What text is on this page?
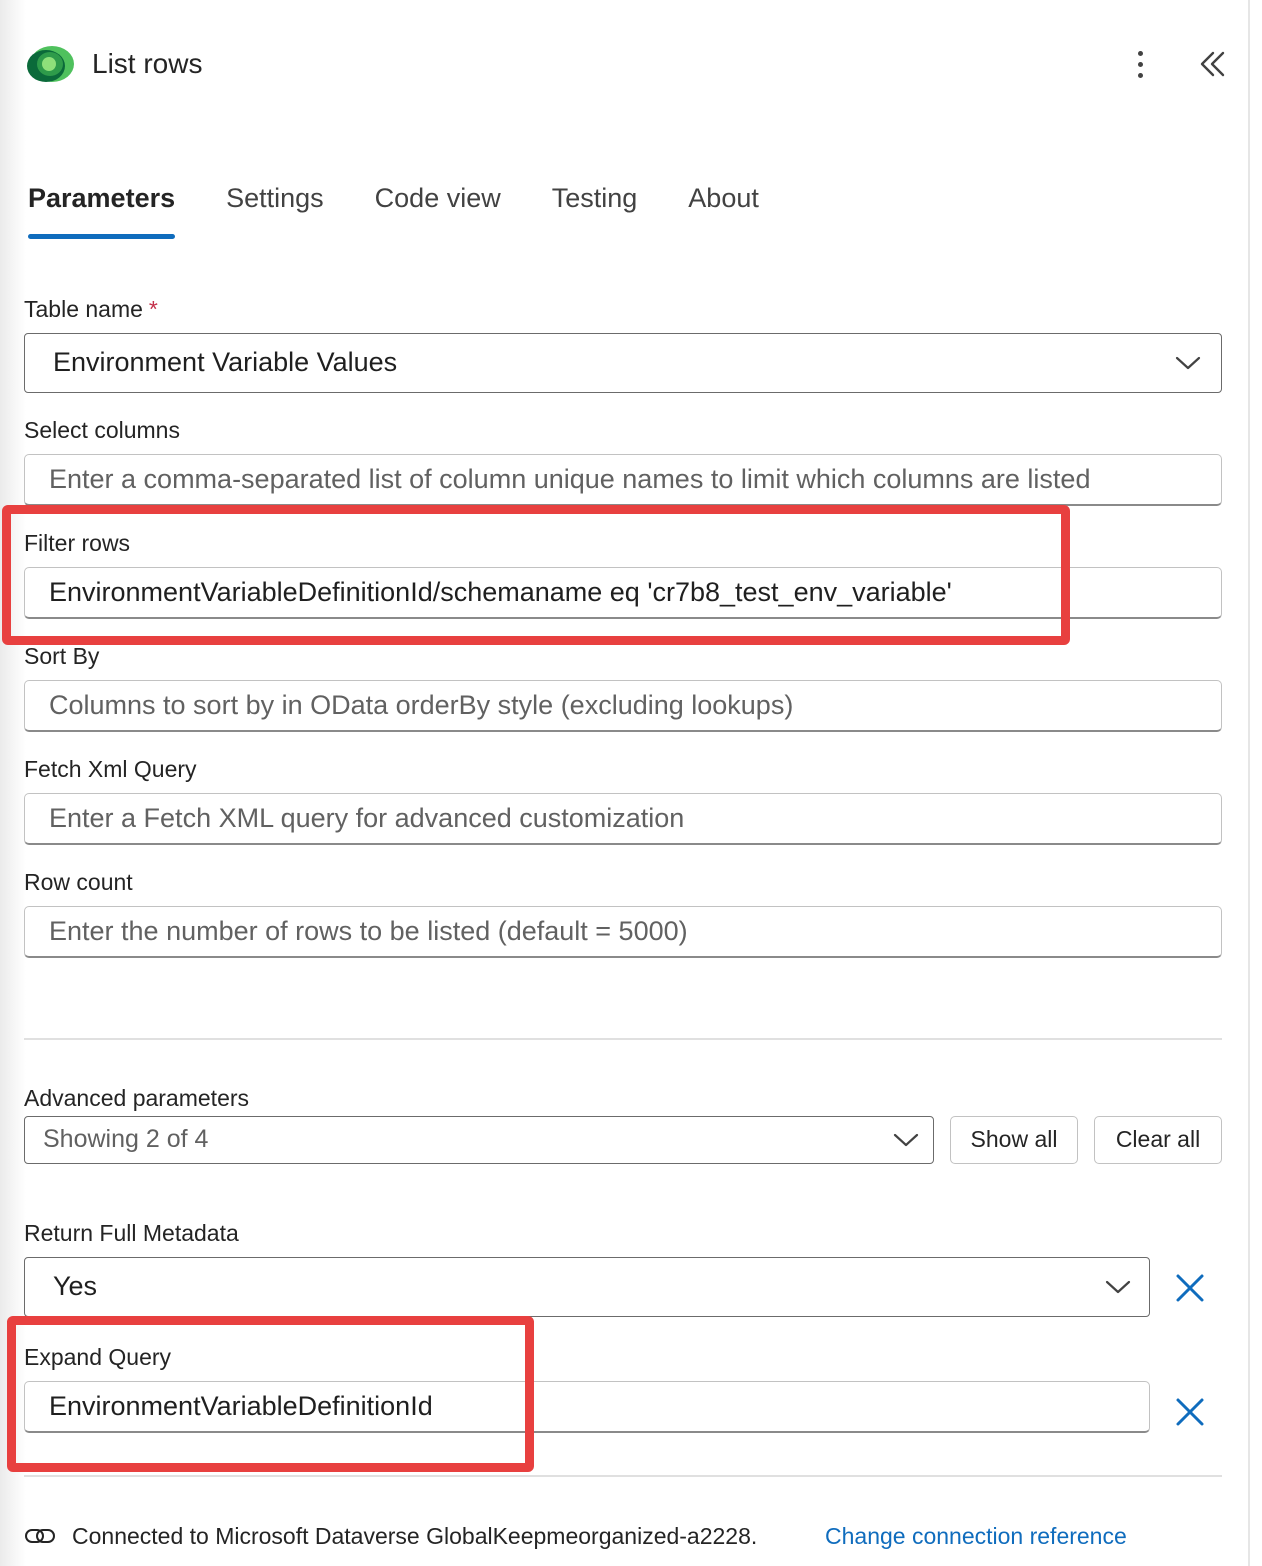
List rows
Parameters Settings Code view Testing About
Table name *
Environment Variable Values
Select columns
Enter a comma-separated list of column unique names to limit which columns are listed
Filter rows
EnvironmentVariableDefinitionId/schemaname eq 'cr7b8_test_env_variable'
Sort By
Columns to sort by in OData orderBy style (excluding lookups)
Fetch Xml Query
Enter a Fetch XML query for advanced customization
Row count
Enter the number of rows to be listed (default = 5000)
Advanced parameters
Showing 2 of 4	Show all	Clear all
Return Full Metadata
Yes
Expand Query
EnvironmentVariableDefinitionId
Connected to Microsoft Dataverse GlobalKeepmeorganized-a2228.	Change connection reference
